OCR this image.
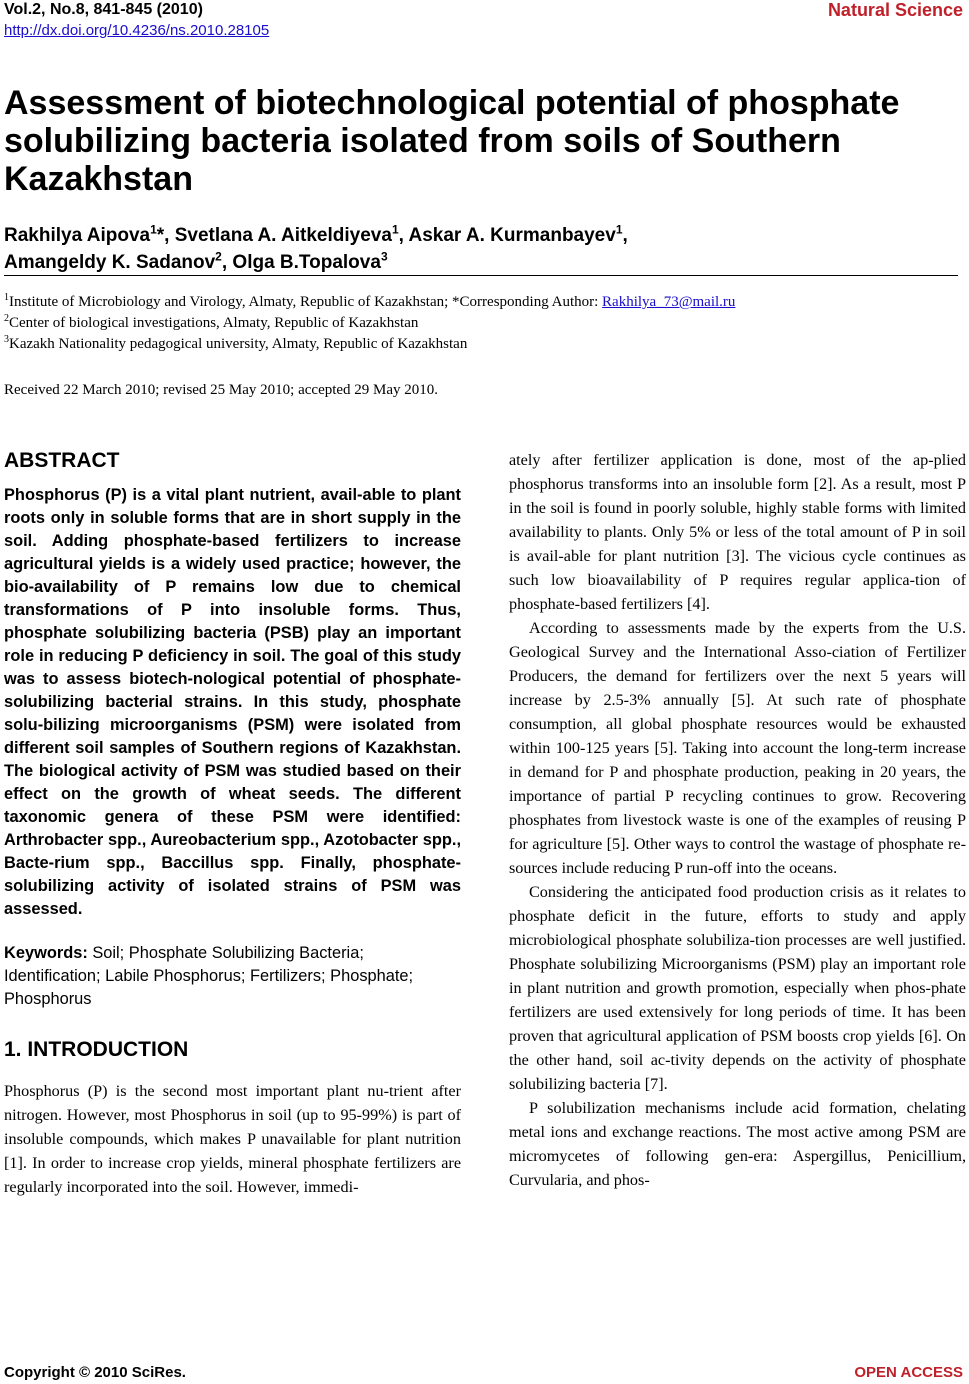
Vol.2, No.8, 841-845 (2010)
http://dx.doi.org/10.4236/ns.2010.28105
Natural Science
Assessment of biotechnological potential of phosphate solubilizing bacteria isolated from soils of Southern Kazakhstan
Rakhilya Aipova$^1$*, Svetlana A. Aitkeldiyeva$^1$, Askar A. Kurmanbayev$^1$,
Amangeldy K. Sadanov$^2$, Olga B.Topalova$^3$
$^1$Institute of Microbiology and Virology, Almaty, Republic of Kazakhstan; *Corresponding Author: Rakhilya_73@mail.ru
$^2$Center of biological investigations, Almaty, Republic of Kazakhstan
$^3$Kazakh Nationality pedagogical university, Almaty, Republic of Kazakhstan
Received 22 March 2010; revised 25 May 2010; accepted 29 May 2010.
ABSTRACT

Phosphorus (P) is a vital plant nutrient, avail-able to plant roots only in soluble forms that are in short supply in the soil. Adding phosphate-based fertilizers to increase agricultural yields is a widely used practice; however, the bio-availability of P remains low due to chemical transformations of P into insoluble forms. Thus, phosphate solubilizing bacteria (PSB) play an important role in reducing P deficiency in soil. The goal of this study was to assess biotech-nological potential of phosphate-solubilizing bacterial strains. In this study, phosphate solu-bilizing microorganisms (PSM) were isolated from different soil samples of Southern regions of Kazakhstan. The biological activity of PSM was studied based on their effect on the growth of wheat seeds. The different taxonomic genera of these PSM were identified: Arthrobacter spp., Aureobacterium spp., Azotobacter spp., Bacte-rium spp., Baccillus spp. Finally, phosphate-solubilizing activity of isolated strains of PSM was assessed.

Keywords: Soil; Phosphate Solubilizing Bacteria; Identification; Labile Phosphorus; Fertilizers; Phosphate; Phosphorus

1. INTRODUCTION

Phosphorus (P) is the second most important plant nu-trient after nitrogen. However, most Phosphorus in soil (up to 95-99%) is part of insoluble compounds, which makes P unavailable for plant nutrition [1]. In order to increase crop yields, mineral phosphate fertilizers are regularly incorporated into the soil. However, immedi-

ately after fertilizer application is done, most of the ap-plied phosphorus transforms into an insoluble form [2]. As a result, most P in the soil is found in poorly soluble, highly stable forms with limited availability to plants. Only 5% or less of the total amount of P in soil is avail-able for plant nutrition [3]. The vicious cycle continues as such low bioavailability of P requires regular applica-tion of phosphate-based fertilizers [4].

According to assessments made by the experts from the U.S. Geological Survey and the International Asso-ciation of Fertilizer Producers, the demand for fertilizers over the next 5 years will increase by 2.5-3% annually [5]. At such rate of phosphate consumption, all global phosphate resources would be exhausted within 100-125 years [5]. Taking into account the long-term increase in demand for P and phosphate production, peaking in 20 years, the importance of partial P recycling continues to grow. Recovering phosphates from livestock waste is one of the examples of reusing P for agriculture [5]. Other ways to control the wastage of phosphate re-sources include reducing P run-off into the oceans.

Considering the anticipated food production crisis as it relates to phosphate deficit in the future, efforts to study and apply microbiological phosphate solubiliza-tion processes are well justified. Phosphate solubilizing Microorganisms (PSM) play an important role in plant nutrition and growth promotion, especially when phos-phate fertilizers are used extensively for long periods of time. It has been proven that agricultural application of PSM boosts crop yields [6]. On the other hand, soil ac-tivity depends on the activity of phosphate solubilizing bacteria [7].

P solubilization mechanisms include acid formation, chelating metal ions and exchange reactions. The most active among PSM are micromycetes of following gen-era: Aspergillus, Penicillium, Curvularia, and phos-

Copyright © 2010 SciRes.	OPEN ACCESS
